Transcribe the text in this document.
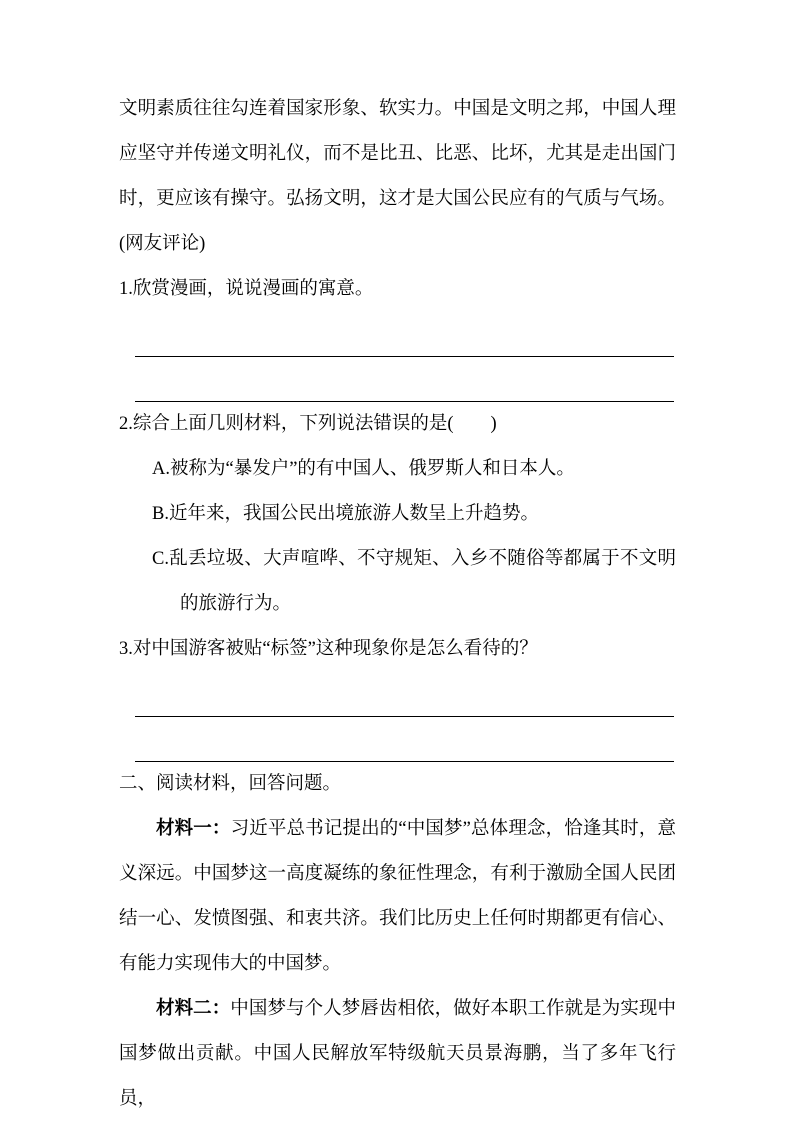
文明素质往往勾连着国家形象、软实力。中国是文明之邦，中国人理应坚守并传递文明礼仪，而不是比丑、比恶、比坏，尤其是走出国门时，更应该有操守。弘扬文明，这才是大国公民应有的气质与气场。(网友评论)

1.欣赏漫画，说说漫画的寓意。

2.综合上面几则材料，下列说法错误的是(　　)

A.被称为“暴发户”的有中国人、俄罗斯人和日本人。

B.近年来，我国公民出境旅游人数呈上升趋势。

C.乱丢垃圾、大声喧哗、不守规矩、入乡不随俗等都属于不文明的旅游行为。

3.对中国游客被贴“标签”这种现象你是怎么看待的？

二、阅读材料，回答问题。

材料一：习近平总书记提出的“中国梦”总体理念，恰逢其时，意义深远。中国梦这一高度凝练的象征性理念，有利于激励全国人民团结一心、发愤图强、和衷共济。我们比历史上任何时期都更有信心、有能力实现伟大的中国梦。

材料二：中国梦与个人梦唇齿相依，做好本职工作就是为实现中国梦做出贡献。中国人民解放军特级航天员景海鹏，当了多年飞行员，
